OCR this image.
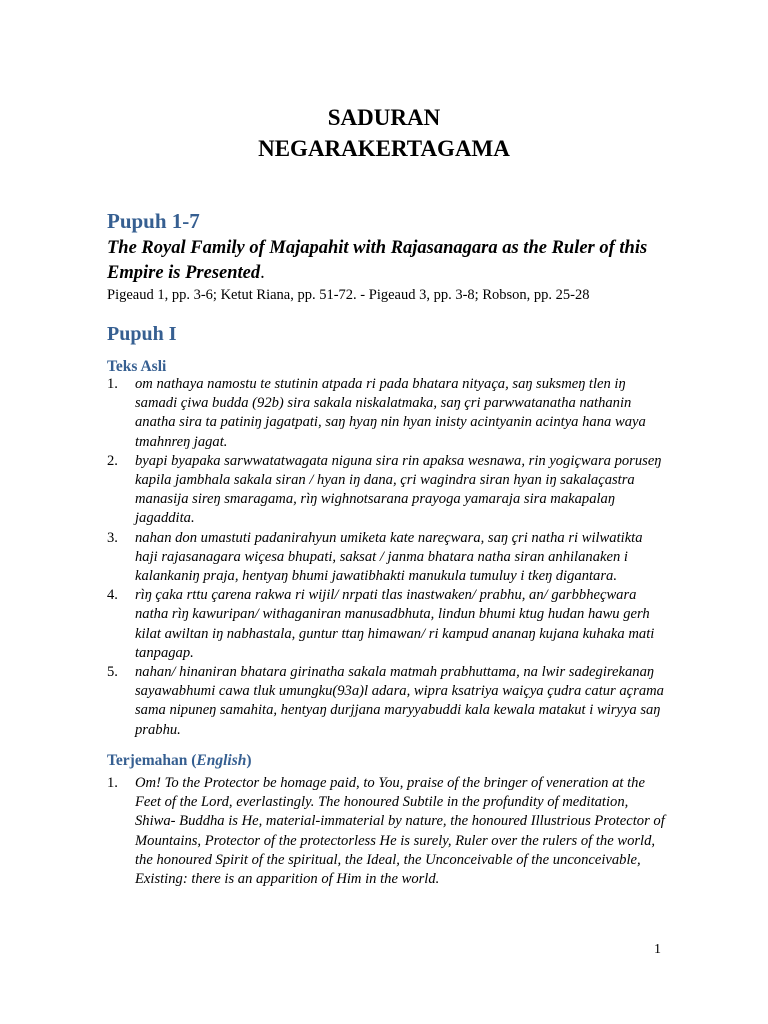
SADURAN
NEGARAKERTAGAMA
Pupuh 1-7
The Royal Family of Majapahit with Rajasanagara as the Ruler of this Empire is Presented.
Pigeaud 1, pp. 3-6; Ketut Riana, pp. 51-72. - Pigeaud 3, pp. 3-8; Robson, pp. 25-28
Pupuh I
Teks Asli
1. om nathaya namostu te stutinin atpada ri pada bhatara nityaça, saŋ suksmeŋ tlen iŋ samadi çiwa budda (92b) sira sakala niskalatmaka, saŋ çri parwwatanatha nathanin anatha sira ta patiniŋ jagatpati, saŋ hyaŋ nin hyan inisty acintyanin acintya hana waya tmahnreŋ jagat.
2. byapi byapaka sarwwatatwagata niguna sira rin apaksa wesnawa, rin yogiçwara poruseŋ kapila jambhala sakala siran / hyan iŋ dana, çri wagindra siran hyan iŋ sakalaçastra manasija sireŋ smaragama, rìŋ wighnotsarana prayoga yamaraja sira makapalaŋ jagaddita.
3. nahan don umastuti padanirahyun umiketa kate nareçwara, saŋ çri natha ri wilwatikta haji rajasanagara wiçesa bhupati, saksat / janma bhatara natha siran anhilanaken i kalankaniŋ praja, hentyaŋ bhumi jawatibhakti manukula tumuluy i tkeŋ digantara.
4. rìŋ çaka rttu çarena rakwa ri wijil/ nrpati tlas inastwaken/ prabhu, an/ garbbheçwara natha rìŋ kawuripan/ withaganiran manusadbhuta, lindun bhumi ktug hudan hawu gerh kilat awiltan iŋ nabhastala, guntur ttaŋ himawan/ ri kampud ananaŋ kujana kuhaka mati tanpagap.
5. nahan/ hinaniran bhatara girinatha sakala matmah prabhuttama, na lwir sadegirekanaŋ sayawabhumi cawa tluk umungku(93a)l adara, wipra ksatriya waiçya çudra catur açrama sama nipuneŋ samahita, hentyaŋ durjjana maryyabuddi kala kewala matakut i wiryya saŋ prabhu.
Terjemahan (English)
1. Om! To the Protector be homage paid, to You, praise of the bringer of veneration at the Feet of the Lord, everlastingly. The honoured Subtile in the profundity of meditation, Shiwa- Buddha is He, material-immaterial by nature, the honoured Illustrious Protector of Mountains, Protector of the protectorless He is surely, Ruler over the rulers of the world, the honoured Spirit of the spiritual, the Ideal, the Unconceivable of the unconceivable, Existing: there is an apparition of Him in the world.
1
